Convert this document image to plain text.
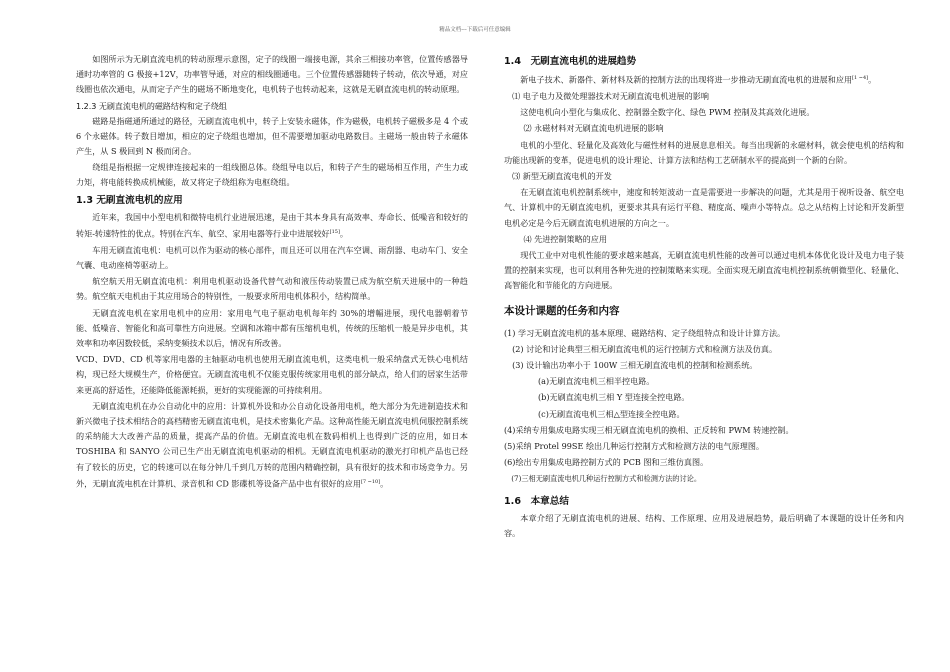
精品文档---下载后可任意编辑

如图所示为无刷直流电机的转动原理示意图，定子的线圈一端接电源，其余三相接功率管，位置传感器导通时功率管的 G 极接+12V，功率管导通，对应的相线圈通电。三个位置传感器随转子转动，依次导通，对应线圈也依次通电，从而定子产生的磁场不断地变化，电机转子也转动起来，这就是无刷直流电机的转动原理。

1.2.3 无刷直流电机的磁路结构和定子绕组

磁路是指磁通所通过的路径，无刷直流电机中，转子上安装永磁体，作为磁极，电机转子磁极多是 4 个或 6 个永磁体。转子数目增加，相应的定子绕组也增加，但不需要增加驱动电路数目。主磁场一般由转子永磁体产生，从 S 极回到 N 极而闭合。

绕组是指根据一定规律连接起来的一组线圈总体。绕组导电以后，和转子产生的磁场相互作用，产生力或力矩，将电能转换成机械能，故又将定子绕组称为电枢绕组。

1.3 无刷直流电机的应用

近年来，我国中小型电机和微特电机行业进展迅速，是由于其本身具有高效率、寿命长、低噪音和较好的转矩-转速特性的优点。特别在汽车、航空、家用电器等行业中进展较好[15]。

车用无刷直流电机：电机可以作为驱动的核心部件，而且还可以用在汽车空调、雨刮器、电动车门、安全气囊、电动座椅等驱动上。

航空航天用无刷直流电机：利用电机驱动设备代替气动和液压传动装置已成为航空航天进展中的一种趋势。航空航天电机由于其应用场合的特别性，一般要求所用电机体积小，结构简单。

无刷直流电机在家用电机中的应用：家用电气电子驱动电机每年约 30%的增幅进展，现代电器朝着节能、低噪音、智能化和高可靠性方向进展。空调和冰箱中都有压缩机电机，传统的压缩机一般是异步电机，其效率和功率因数较低，采纳变频技术以后，情况有所改善。

VCD、DVD、CD 机等家用电器的主轴驱动电机也使用无刷直流电机，这类电机一般采纳盘式无铁心电机结构，现已经大规模生产，价格便宜。无刷直流电机不仅能克服传统家用电机的部分缺点，给人们的居家生活带来更高的舒适性，还能降低能源耗损，更好的实现能源的可持续利用。

无刷直流电机在办公自动化中的应用：计算机外设和办公自动化设备用电机，绝大部分为先进制造技术和新兴微电子技术相结合的高档精密无刷直流电机，是技术密集化产品。这种高性能无刷直流电机伺服控制系统的采纳能大大改善产品的质量，提高产品的价值。无刷直流电机在数码相机上也得到广泛的应用，如日本 TOSHIBA 和 SANYO 公司已生产出无刷直流电机驱动的相机。无刷直流电机驱动的激光打印机产品也已经有了较长的历史，它的转速可以在每分钟几千到几万转的范围内精确控制，具有很好的技术和市场竞争力。另外，无刷直流电机在计算机、录音机和 CD 影碟机等设备产品中也有很好的应用[7 ~10]。

1.4　无刷直流电机的进展趋势

新电子技术、新器件、新材料及新的控制方法的出现将进一步推动无刷直流电机的进展和应用[1 ~4]。

⑴ 电子电力及微处理器技术对无刷直流电机进展的影响

这使电机向小型化与集成化、控制器全数字化、绿色 PWM 控制及其高效化进展。

⑵ 永磁材料对无刷直流电机进展的影响

电机的小型化、轻量化及高效化与磁性材料的进展息息相关。每当出现新的永磁材料，就会使电机的结构和功能出现新的变革，促进电机的设计理论、计算方法和结构工艺研制水平的提高到一个新的台阶。

⑶ 新型无刷直流电机的开发

在无刷直流电机控制系统中，速度和转矩波动一直是需要进一步解决的问题，尤其是用于视听设备、航空电气、计算机中的无刷直流电机，更要求其具有运行平稳、精度高、噪声小等特点。总之从结构上讨论和开发新型电机必定是今后无刷直流电机进展的方向之一。

⑷ 先进控制策略的应用

现代工业中对电机性能的要求越来越高，无刷直流电机性能的改善可以通过电机本体优化设计及电力电子装置的控制来实现，也可以利用各种先进的控制策略来实现。全面实现无刷直流电机控制系统朝微型化、轻量化、高智能化和节能化的方向进展。

本设计课题的任务和内容

(1) 学习无刷直流电机的基本原理、磁路结构、定子绕组特点和设计计算方法。

(2) 讨论和讨论典型三相无刷直流电机的运行控制方式和检测方法及仿真。

(3) 设计输出功率小于 100W 三相无刷直流电机的控制和检测系统。

(a)无刷直流电机三相半控电路。

(b)无刷直流电机三相 Y 型连接全控电路。

(c)无刷直流电机三相△型连接全控电路。

(4)采纳专用集成电路实现三相无刷直流电机的换相、正反转和 PWM 转速控制。

(5)采纳 Protel 99SE 绘出几种运行控制方式和检测方法的电气原理图。

(6)绘出专用集成电路控制方式的 PCB 图和三维仿真图。

(7)三相无刷直流电机几种运行控制方式和检测方法的讨论。

1.6　本章总结

本章介绍了无刷直流电机的进展、结构、工作原理、应用及进展趋势，最后明确了本课题的设计任务和内容。
